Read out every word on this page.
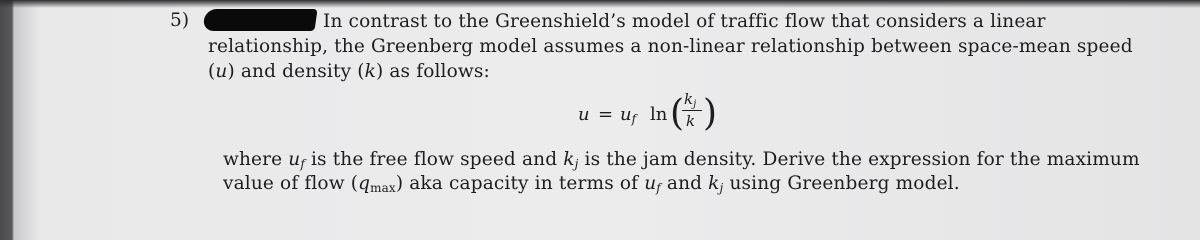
5)	In contrast to the Greenshield’s model of traffic flow that considers a linear
relationship, the Greenberg model assumes a non-linear relationship between space-mean speed
(u) and density (k) as follows:
$u = u_f$ ln ( $k_j$
k )
where $u_f$ is the free flow speed and $k_j$ is the jam density. Derive the expression for the maximum
value of flow $(q_{max})$ aka capacity in terms of $u_f$ and $k_j$ using Greenberg model.
